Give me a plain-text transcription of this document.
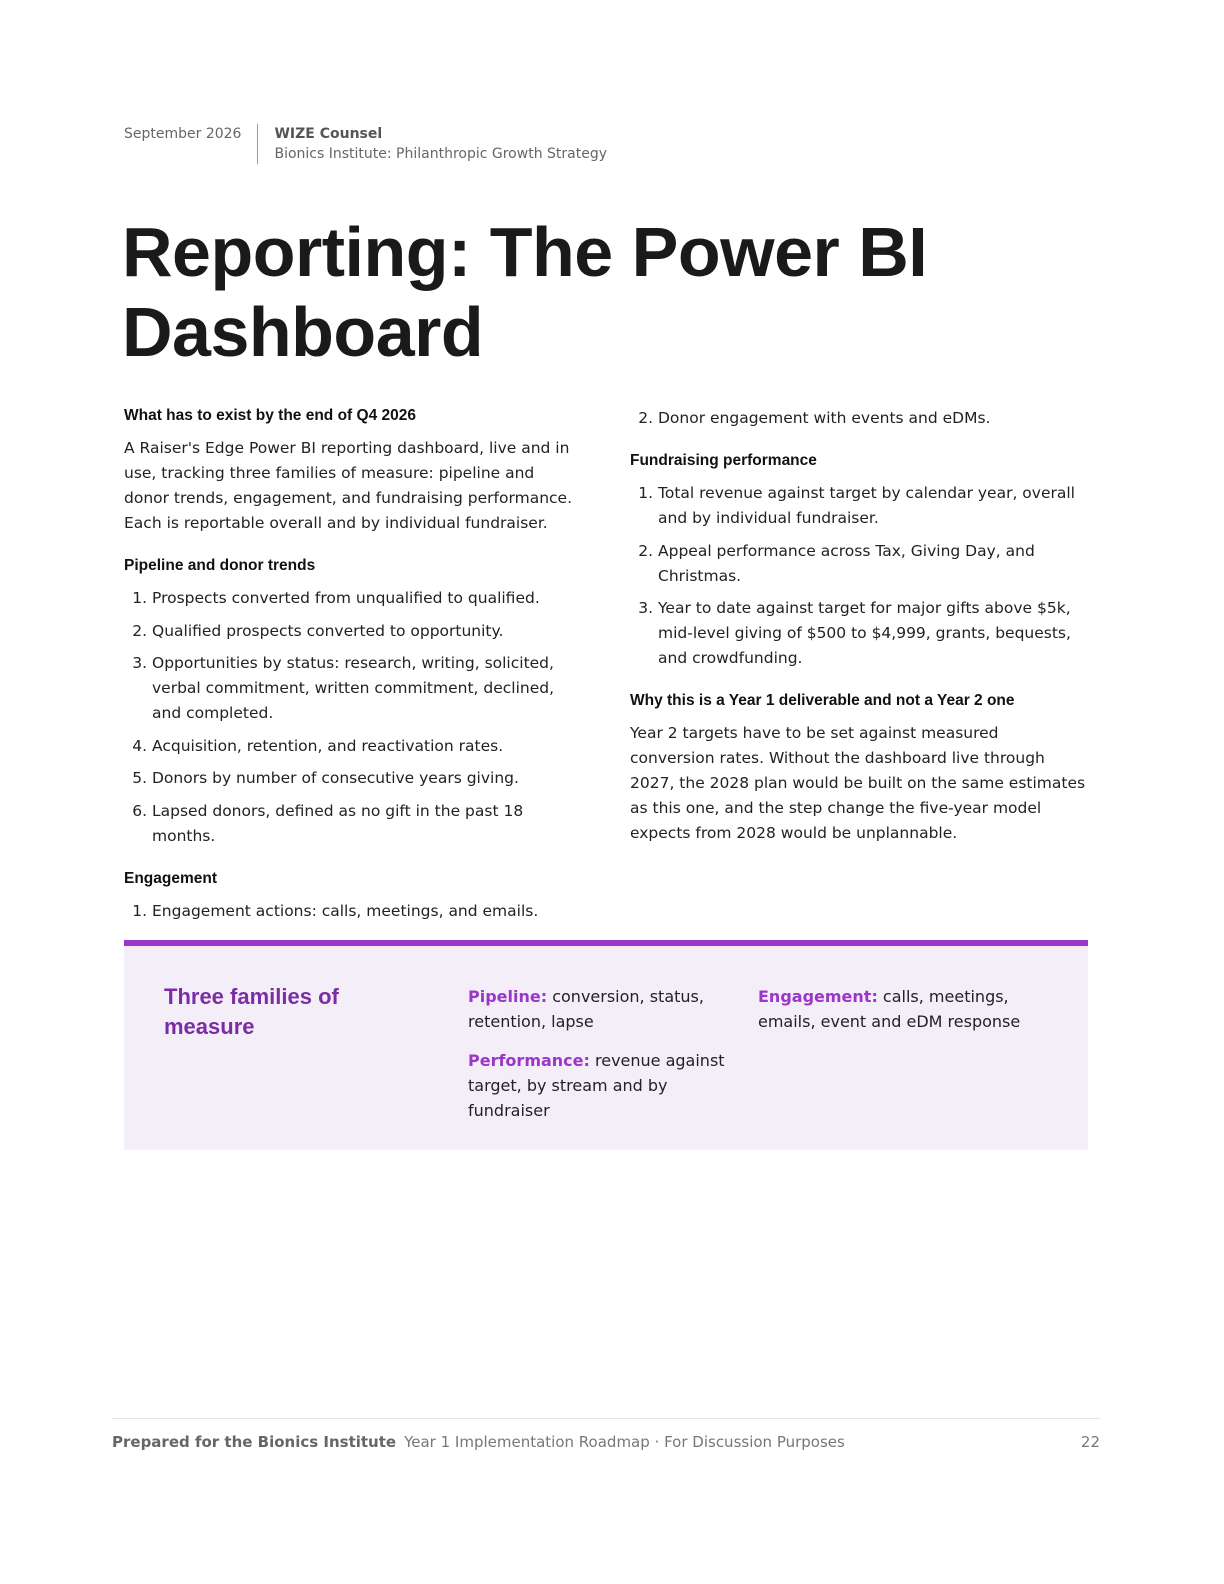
September 2026	WIZE Counsel
Bionics Institute: Philanthropic Growth Strategy
Reporting: The Power BI Dashboard
What has to exist by the end of Q4 2026

A Raiser's Edge Power BI reporting dashboard, live and in use, tracking three families of measure: pipeline and donor trends, engagement, and fundraising performance. Each is reportable overall and by individual fundraiser.

Pipeline and donor trends
1. Prospects converted from unqualified to qualified.
2. Qualified prospects converted to opportunity.
3. Opportunities by status: research, writing, solicited, verbal commitment, written commitment, declined, and completed.
4. Acquisition, retention, and reactivation rates.
5. Donors by number of consecutive years giving.
6. Lapsed donors, defined as no gift in the past 18 months.
Engagement
1. Engagement actions: calls, meetings, and emails.
2. Donor engagement with events and eDMs.
Fundraising performance
1. Total revenue against target by calendar year, overall and by individual fundraiser.
2. Appeal performance across Tax, Giving Day, and Christmas.
3. Year to date against target for major gifts above $5k, mid-level giving of $500 to $4,999, grants, bequests, and crowdfunding.
Why this is a Year 1 deliverable and not a Year 2 one

Year 2 targets have to be set against measured conversion rates. Without the dashboard live through 2027, the 2028 plan would be built on the same estimates as this one, and the step change the five-year model expects from 2028 would be unplannable.

Three families of measure
Pipeline: conversion, status, retention, lapse
Performance: revenue against target, by stream and by fundraiser
Engagement: calls, meetings, emails, event and eDM response
Prepared for the Bionics Institute Year 1 Implementation Roadmap · For Discussion Purposes	22
